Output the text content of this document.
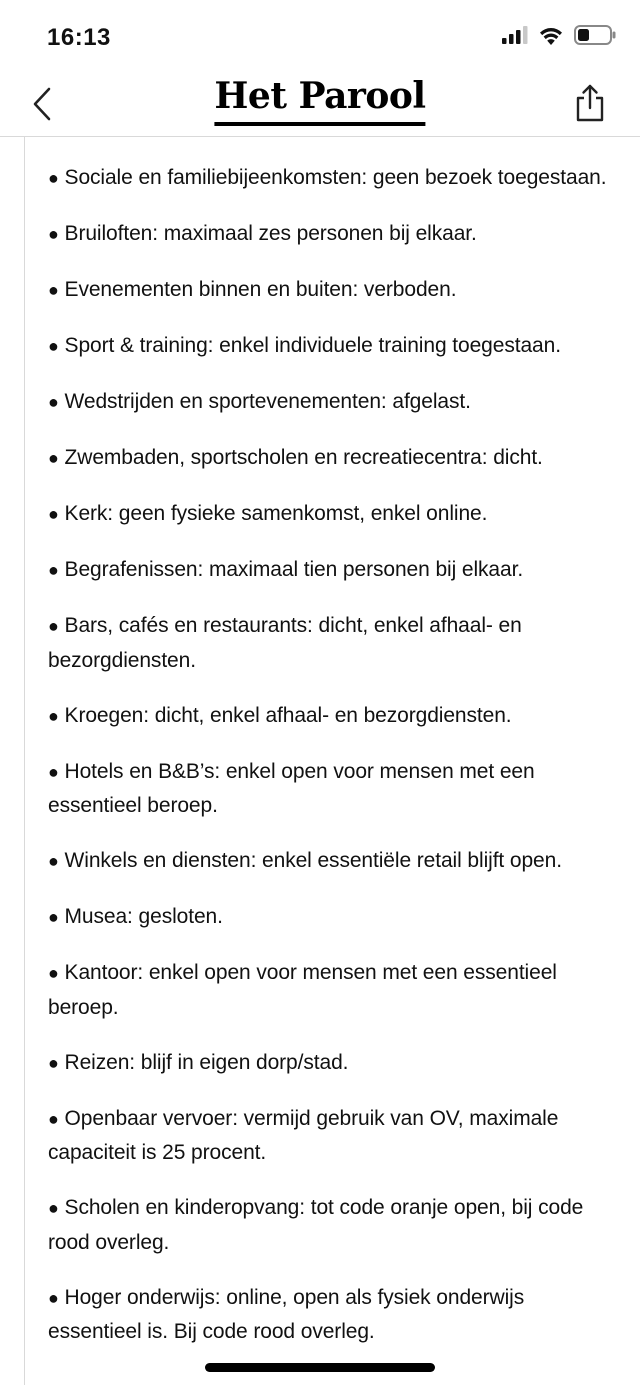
16:13
Het Parool
● Sociale en familiebijeenkomsten: geen bezoek toegestaan.
● Bruiloften: maximaal zes personen bij elkaar.
● Evenementen binnen en buiten: verboden.
● Sport & training: enkel individuele training toegestaan.
● Wedstrijden en sportevenementen: afgelast.
● Zwembaden, sportscholen en recreatiecentra: dicht.
● Kerk: geen fysieke samenkomst, enkel online.
● Begrafenissen: maximaal tien personen bij elkaar.
● Bars, cafés en restaurants: dicht, enkel afhaal- en bezorgdiensten.
● Kroegen: dicht, enkel afhaal- en bezorgdiensten.
● Hotels en B&B’s: enkel open voor mensen met een essentieel beroep.
● Winkels en diensten: enkel essentiële retail blijft open.
● Musea: gesloten.
● Kantoor: enkel open voor mensen met een essentieel beroep.
● Reizen: blijf in eigen dorp/stad.
● Openbaar vervoer: vermijd gebruik van OV, maximale capaciteit is 25 procent.
● Scholen en kinderopvang: tot code oranje open, bij code rood overleg.
● Hoger onderwijs: online, open als fysiek onderwijs essentieel is. Bij code rood overleg.
